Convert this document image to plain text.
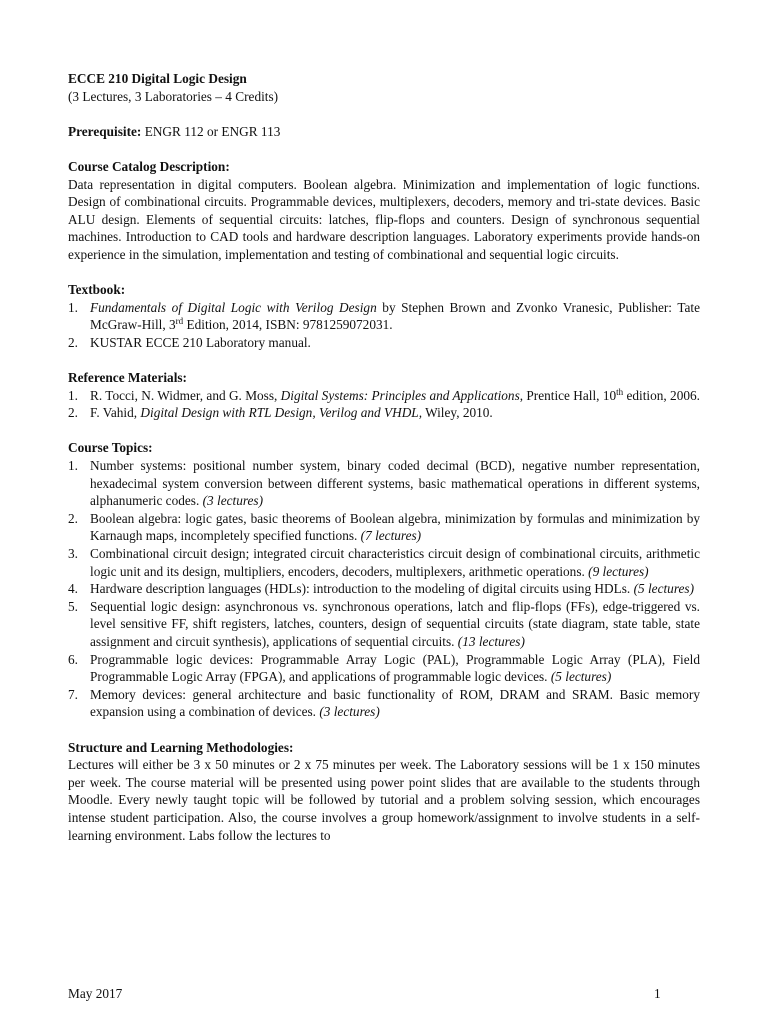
ECCE 210 Digital Logic Design

(3 Lectures, 3 Laboratories – 4 Credits)

Prerequisite: ENGR 112 or ENGR 113

Course Catalog Description:

Data representation in digital computers. Boolean algebra. Minimization and implementation of logic functions. Design of combinational circuits. Programmable devices, multiplexers, decoders, memory and tri-state devices. Basic ALU design. Elements of sequential circuits: latches, flip-flops and counters. Design of synchronous sequential machines. Introduction to CAD tools and hardware description languages. Laboratory experiments provide hands-on experience in the simulation, implementation and testing of combinational and sequential logic circuits.

Textbook:

1. Fundamentals of Digital Logic with Verilog Design by Stephen Brown and Zvonko Vranesic, Publisher: Tate McGraw-Hill, 3rd Edition, 2014, ISBN: 9781259072031.
2. KUSTAR ECCE 210 Laboratory manual.

Reference Materials:

1. R. Tocci, N. Widmer, and G. Moss, Digital Systems: Principles and Applications, Prentice Hall, 10th edition, 2006.
2. F. Vahid, Digital Design with RTL Design, Verilog and VHDL, Wiley, 2010.

Course Topics:

1. Number systems: positional number system, binary coded decimal (BCD), negative number representation, hexadecimal system conversion between different systems, basic mathematical operations in different systems, alphanumeric codes. (3 lectures)
2. Boolean algebra: logic gates, basic theorems of Boolean algebra, minimization by formulas and minimization by Karnaugh maps, incompletely specified functions. (7 lectures)
3. Combinational circuit design; integrated circuit characteristics circuit design of combinational circuits, arithmetic logic unit and its design, multipliers, encoders, decoders, multiplexers, arithmetic operations. (9 lectures)
4. Hardware description languages (HDLs): introduction to the modeling of digital circuits using HDLs. (5 lectures)
5. Sequential logic design: asynchronous vs. synchronous operations, latch and flip-flops (FFs), edge-triggered vs. level sensitive FF, shift registers, latches, counters, design of sequential circuits (state diagram, state table, state assignment and circuit synthesis), applications of sequential circuits. (13 lectures)
6. Programmable logic devices: Programmable Array Logic (PAL), Programmable Logic Array (PLA), Field Programmable Logic Array (FPGA), and applications of programmable logic devices. (5 lectures)
7. Memory devices: general architecture and basic functionality of ROM, DRAM and SRAM. Basic memory expansion using a combination of devices. (3 lectures)

Structure and Learning Methodologies:

Lectures will either be 3 x 50 minutes or 2 x 75 minutes per week. The Laboratory sessions will be 1 x 150 minutes per week. The course material will be presented using power point slides that are available to the students through Moodle. Every newly taught topic will be followed by tutorial and a problem solving session, which encourages intense student participation. Also, the course involves a group homework/assignment to involve students in a self-learning environment. Labs follow the lectures to

May 2017	1
